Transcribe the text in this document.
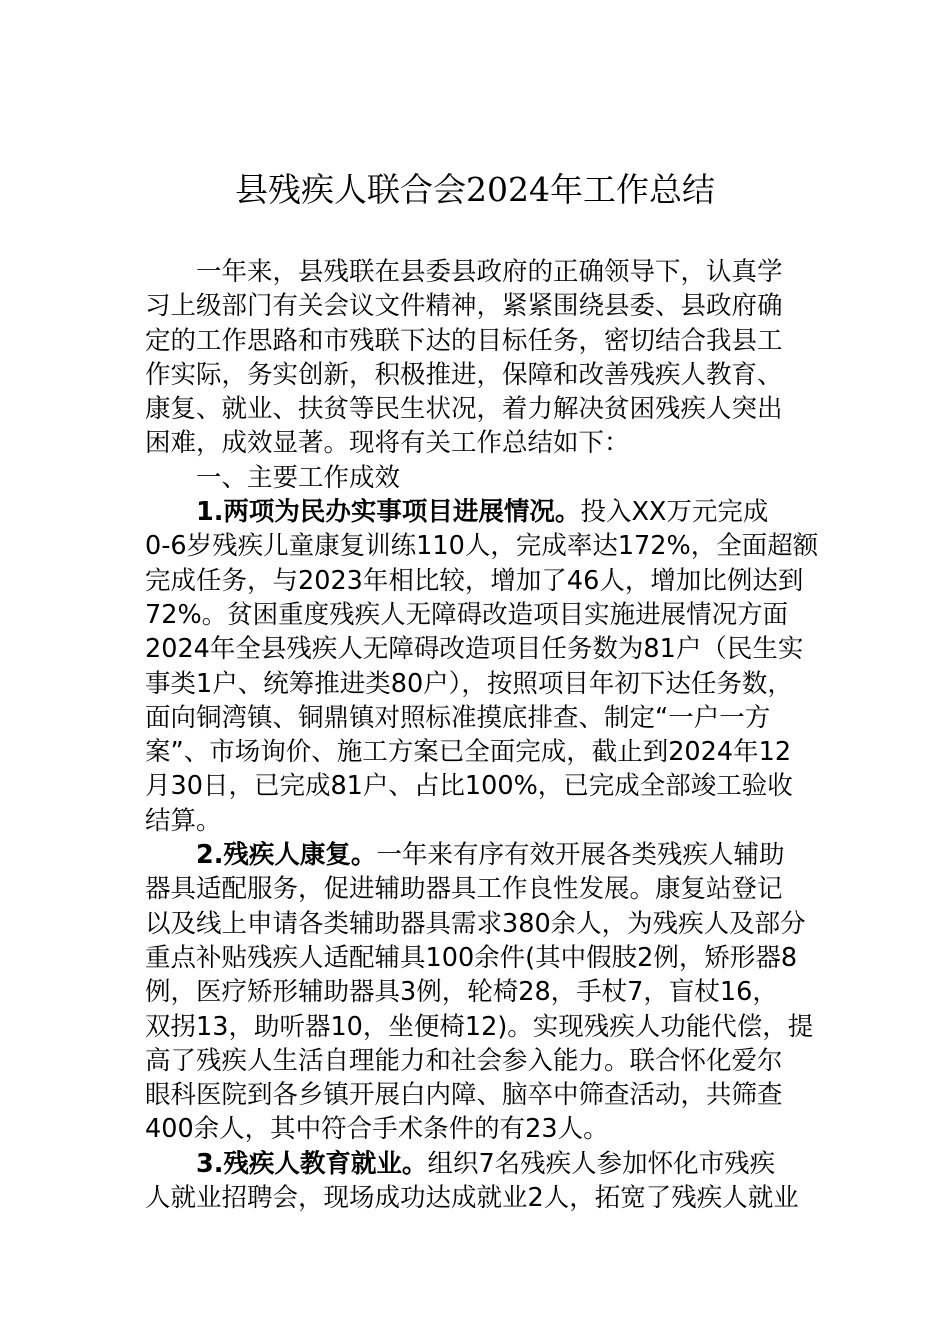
县残疾人联合会2024年工作总结

一年来，县残联在县委县政府的正确领导下，认真学
习上级部门有关会议文件精神，紧紧围绕县委、县政府确
定的工作思路和市残联下达的目标任务，密切结合我县工
作实际，务实创新，积极推进，保障和改善残疾人教育、
康复、就业、扶贫等民生状况，着力解决贫困残疾人突出
困难，成效显著。现将有关工作总结如下：

一、主要工作成效

1.两项为民办实事项目进展情况。投入XX万元完成
0-6岁残疾儿童康复训练110人，完成率达172%，全面超额
完成任务，与2023年相比较，增加了46人，增加比例达到
72%。贫困重度残疾人无障碍改造项目实施进展情况方面
2024年全县残疾人无障碍改造项目任务数为81户（民生实
事类1户、统筹推进类80户），按照项目年初下达任务数，
面向铜湾镇、铜鼎镇对照标准摸底排查、制定“一户一方
案”、市场询价、施工方案已全面完成，截止到2024年12
月30日，已完成81户、占比100%，已完成全部竣工验收
结算。

2.残疾人康复。一年来有序有效开展各类残疾人辅助
器具适配服务，促进辅助器具工作良性发展。康复站登记
以及线上申请各类辅助器具需求380余人，为残疾人及部分
重点补贴残疾人适配辅具100余件(其中假肢2例，矫形器8
例，医疗矫形辅助器具3例，轮椅28，手杖7，盲杖16，
双拐13，助听器10，坐便椅12)。实现残疾人功能代偿，提
高了残疾人生活自理能力和社会参入能力。联合怀化爱尔
眼科医院到各乡镇开展白内障、脑卒中筛查活动，共筛查
400余人，其中符合手术条件的有23人。

3.残疾人教育就业。组织7名残疾人参加怀化市残疾
人就业招聘会，现场成功达成就业2人，拓宽了残疾人就业
